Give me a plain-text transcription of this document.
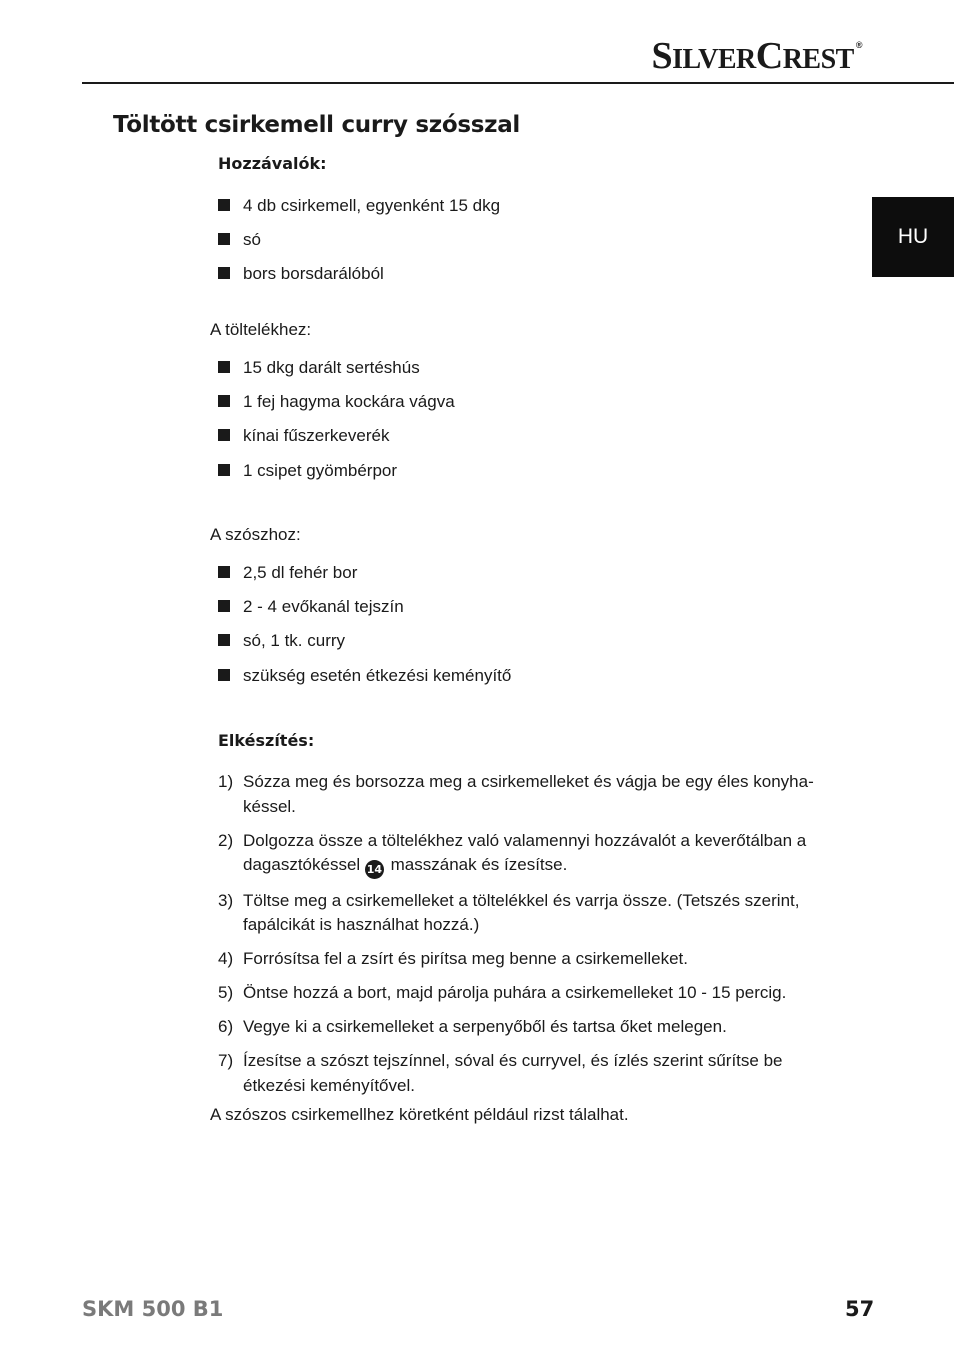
SILVERCREST ®
HU
Töltött csirkemell curry szósszal
Hozzávalók:
4 db csirkemell, egyenként 15 dkg
só
bors borsdarálóból
A töltelékhez:
15 dkg darált sertéshús
1 fej hagyma kockára vágva
kínai fűszerkeverék
1 csipet gyömbérpor
A szószhoz:
2,5 dl fehér bor
2 - 4 evőkanál tejszín
só, 1 tk. curry
szükség esetén étkezési keményítő
Elkészítés:
1) Sózza meg és borsozza meg a csirkemelleket és vágja be egy éles konyha-késsel.
2) Dolgozza össze a töltelékhez való valamennyi hozzávalót a keverőtálban a dagasztókéssel 14 masszának és ízesítse.
3) Töltse meg a csirkemelleket a töltelékkel és varrja össze. (Tetszés szerint, fapálcikát is használhat hozzá.)
4) Forrósítsa fel a zsírt és pirítsa meg benne a csirkemelleket.
5) Öntse hozzá a bort, majd párolja puhára a csirkemelleket 10 - 15 percig.
6) Vegye ki a csirkemelleket a serpenyőből és tartsa őket melegen.
7) Ízesítse a szószt tejszínnel, sóval és curryvel, és ízlés szerint sűrítse be étkezési keményítővel.
A szószos csirkemellhez köretként például rizst tálalhat.
SKM 500 B1	57
